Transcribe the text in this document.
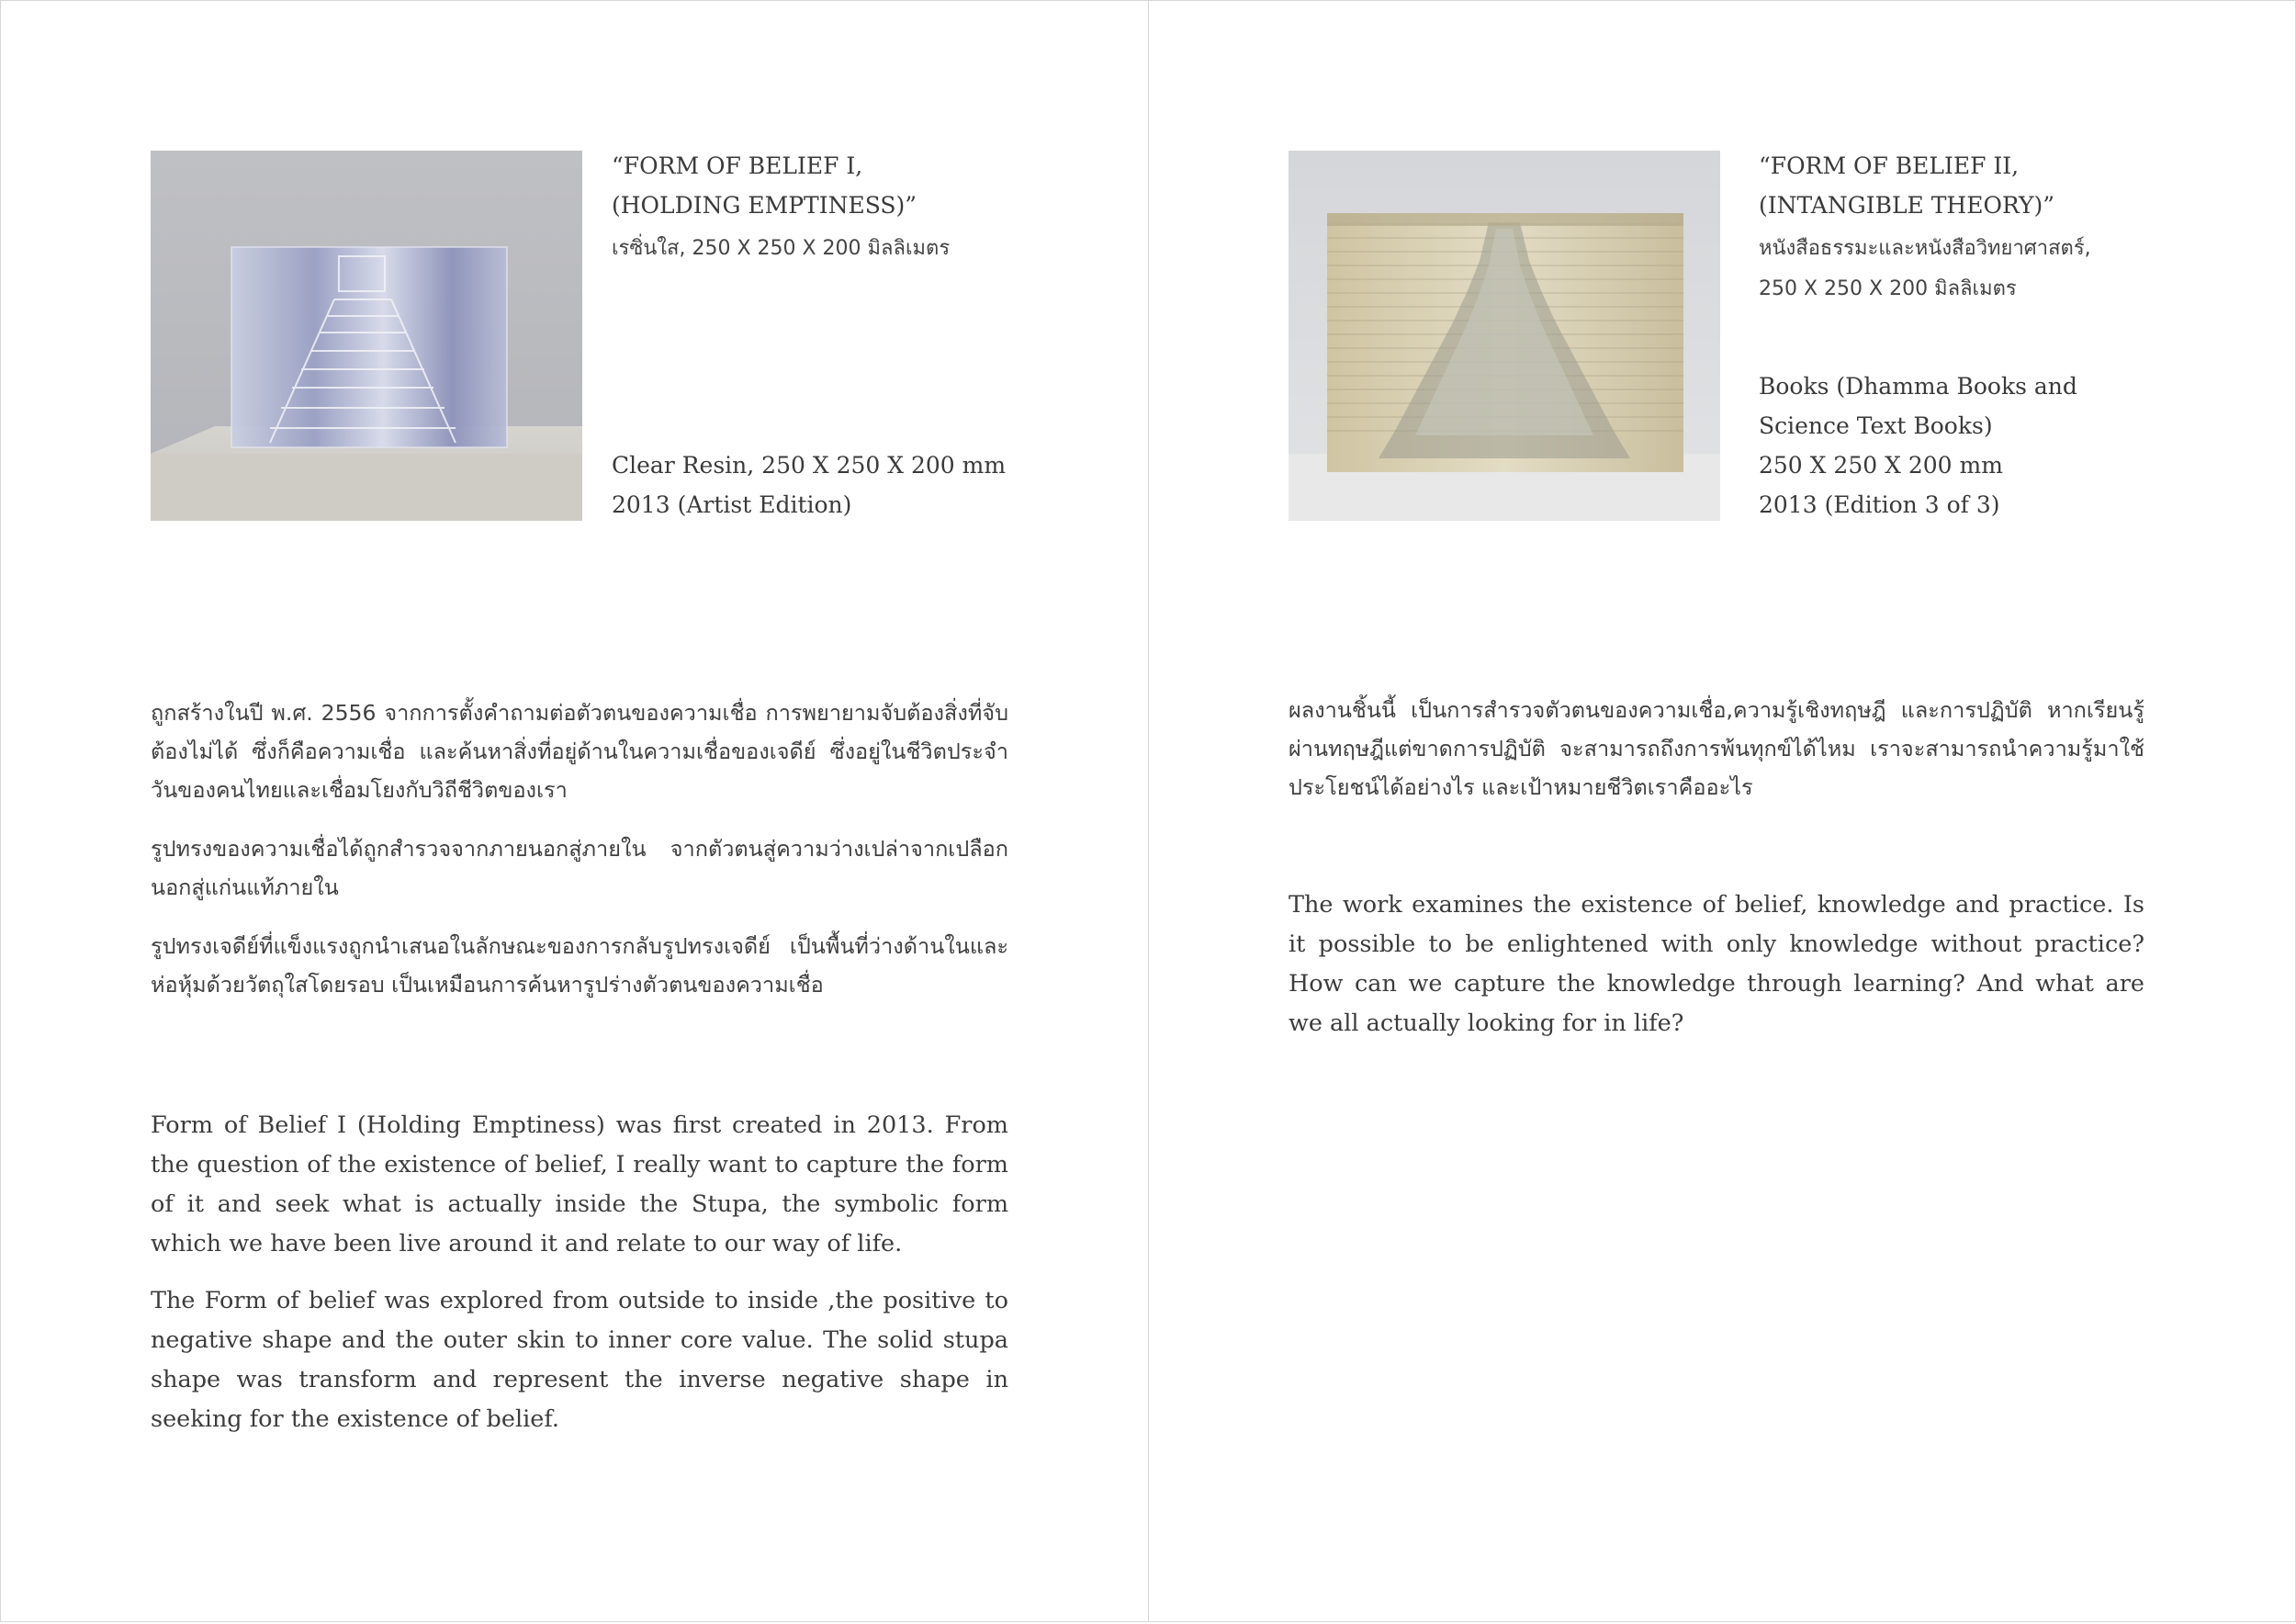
“FORM OF BELIEF I,

(HOLDING EMPTINESS)”

เรซิ่นใส, 250 X 250 X 200 มิลลิเมตร

Clear Resin, 250 X 250 X 200 mm
2013 (Artist Edition)

ถูกสร้างในปี พ.ศ. 2556 จากการตั้งคำถามต่อตัวตนของความเชื่อ การพยายามจับต้องสิ่งที่จับต้องไม่ได้ ซึ่งก็คือความเชื่อ และค้นหาสิ่งที่อยู่ด้านในความเชื่อของเจดีย์ ซึ่งอยู่ในชีวิตประจำวันของคนไทยและเชื่อมโยงกับวิถีชีวิตของเรา

รูปทรงของความเชื่อได้ถูกสำรวจจากภายนอกสู่ภายใน จากตัวตนสู่ความว่างเปล่าจากเปลือกนอกสู่แก่นแท้ภายใน

รูปทรงเจดีย์ที่แข็งแรงถูกนำเสนอในลักษณะของการกลับรูปทรงเจดีย์ เป็นพื้นที่ว่างด้านในและห่อหุ้มด้วยวัตถุใสโดยรอบ เป็นเหมือนการค้นหารูปร่างตัวตนของความเชื่อ

Form of Belief I (Holding Emptiness) was first created in 2013. From the question of the existence of belief, I really want to capture the form of it and seek what is actually inside the Stupa, the symbolic form which we have been live around it and relate to our way of life.

The Form of belief was explored from outside to inside ,the positive to negative shape and the outer skin to inner core value. The solid stupa shape was transform and represent the inverse negative shape in seeking for the existence of belief.

“FORM OF BELIEF II,

(INTANGIBLE THEORY)”

หนังสือธรรมะและหนังสือวิทยาศาสตร์,

250 X 250 X 200 มิลลิเมตร

Books (Dhamma Books and
Science Text Books)
250 X 250 X 200 mm
2013 (Edition 3 of 3)

ผลงานชิ้นนี้ เป็นการสำรวจตัวตนของความเชื่อ,ความรู้เชิงทฤษฎี และการปฏิบัติ หากเรียนรู้ผ่านทฤษฎีแต่ขาดการปฏิบัติ จะสามารถถึงการพ้นทุกข์ได้ไหม เราจะสามารถนำความรู้มาใช้ประโยชน์ได้อย่างไร และเป้าหมายชีวิตเราคืออะไร

The work examines the existence of belief, knowledge and practice. Is it possible to be enlightened with only knowledge without practice? How can we capture the knowledge through learning? And what are we all actually looking for in life?
